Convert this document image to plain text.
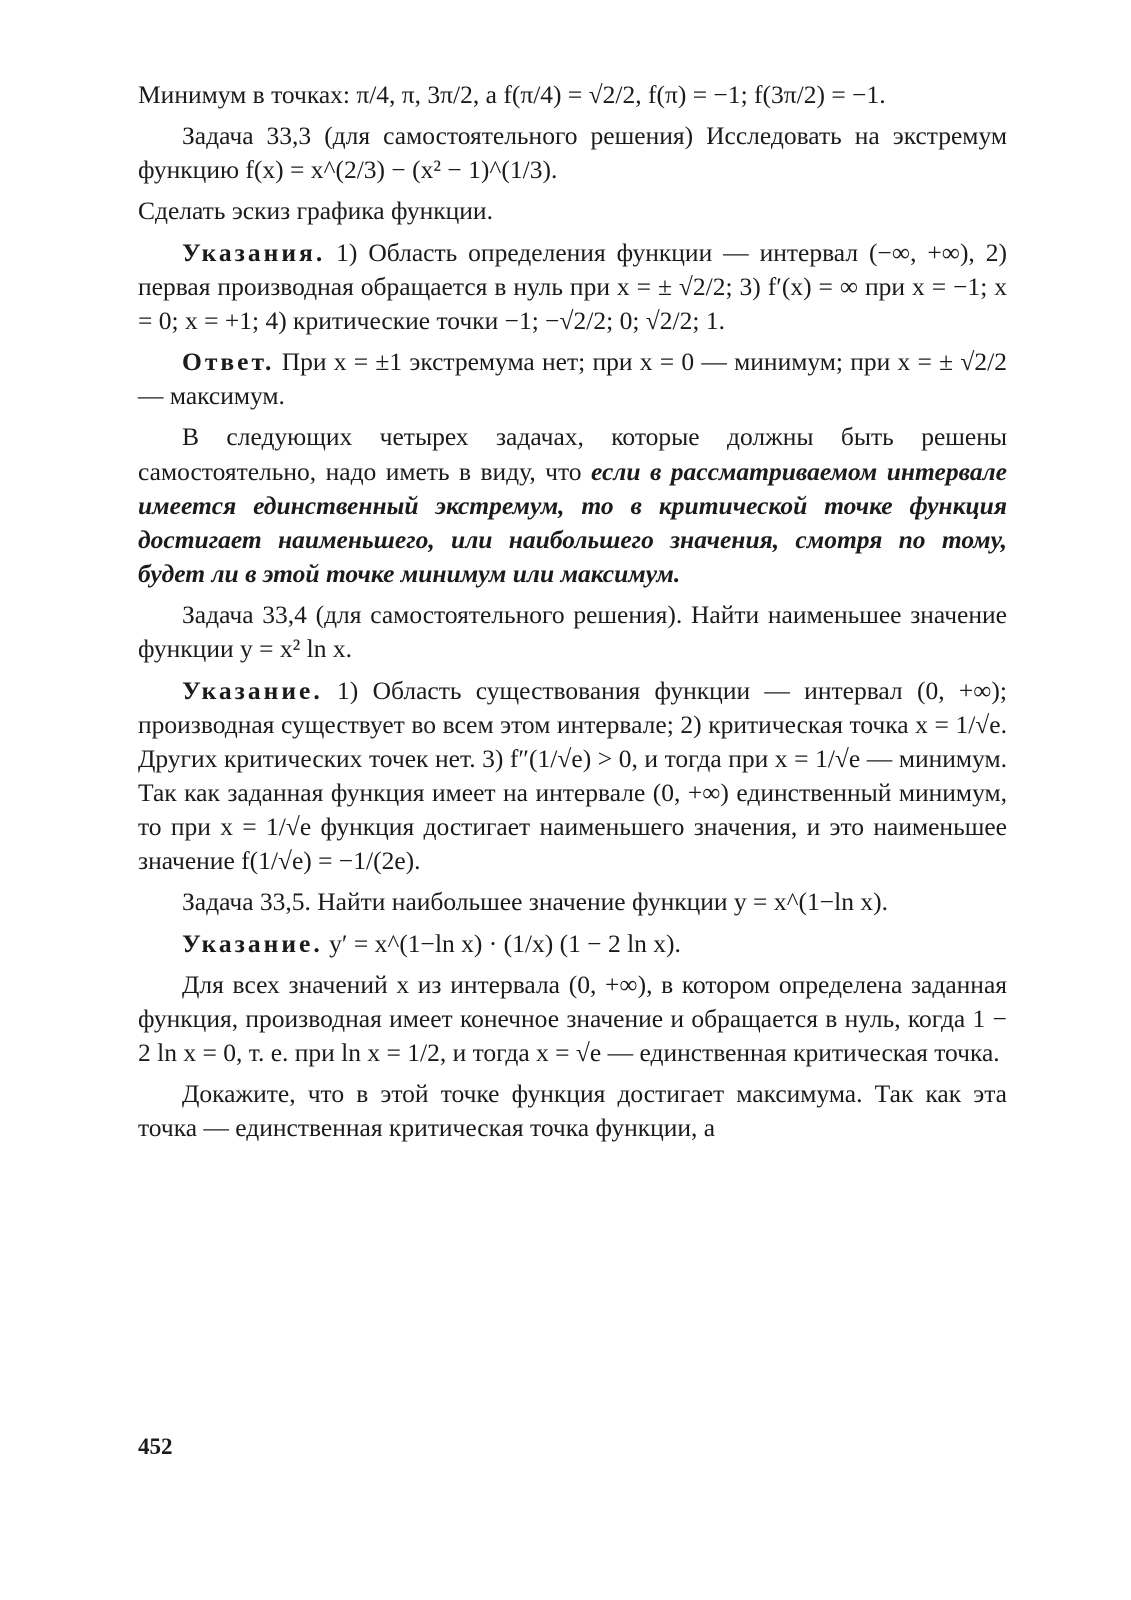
Минимум в точках: π/4, π, 3π/2, а f(π/4) = √2/2, f(π) = −1; f(3π/2) = −1.

Задача 33,3 (для самостоятельного решения) Исследовать на экстремум функцию f(x) = x^(2/3) − (x² − 1)^(1/3).

Сделать эскиз графика функции.

Указания. 1) Область определения функции — интервал (−∞, +∞), 2) первая производная обращается в нуль при x = ± √2/2; 3) f′(x) = ∞ при x = −1; x = 0; x = +1; 4) критические точки −1; −√2/2; 0; √2/2; 1.

Ответ. При x = ±1 экстремума нет; при x = 0 — минимум; при x = ± √2/2 — максимум.

В следующих четырех задачах, которые должны быть решены самостоятельно, надо иметь в виду, что если в рассматриваемом интервале имеется единственный экстремум, то в критической точке функция достигает наименьшего, или наибольшего значения, смотря по тому, будет ли в этой точке минимум или максимум.

Задача 33,4 (для самостоятельного решения). Найти наименьшее значение функции y = x² ln x.

Указание. 1) Область существования функции — интервал (0, +∞); производная существует во всем этом интервале; 2) критическая точка x = 1/√e. Других критических точек нет. 3) f″(1/√e) > 0, и тогда при x = 1/√e — минимум. Так как заданная функция имеет на интервале (0, +∞) единственный минимум, то при x = 1/√e функция достигает наименьшего значения, и это наименьшее значение f(1/√e) = −1/(2e).

Задача 33,5. Найти наибольшее значение функции y = x^(1−ln x).

Указание. y′ = x^(1−ln x) · (1/x) (1 − 2 ln x).

Для всех значений x из интервала (0, +∞), в котором определена заданная функция, производная имеет конечное значение и обращается в нуль, когда 1 − 2 ln x = 0, т. е. при ln x = 1/2, и тогда x = √e — единственная критическая точка.

Докажите, что в этой точке функция достигает максимума. Так как эта точка — единственная критическая точка функции, а

452
